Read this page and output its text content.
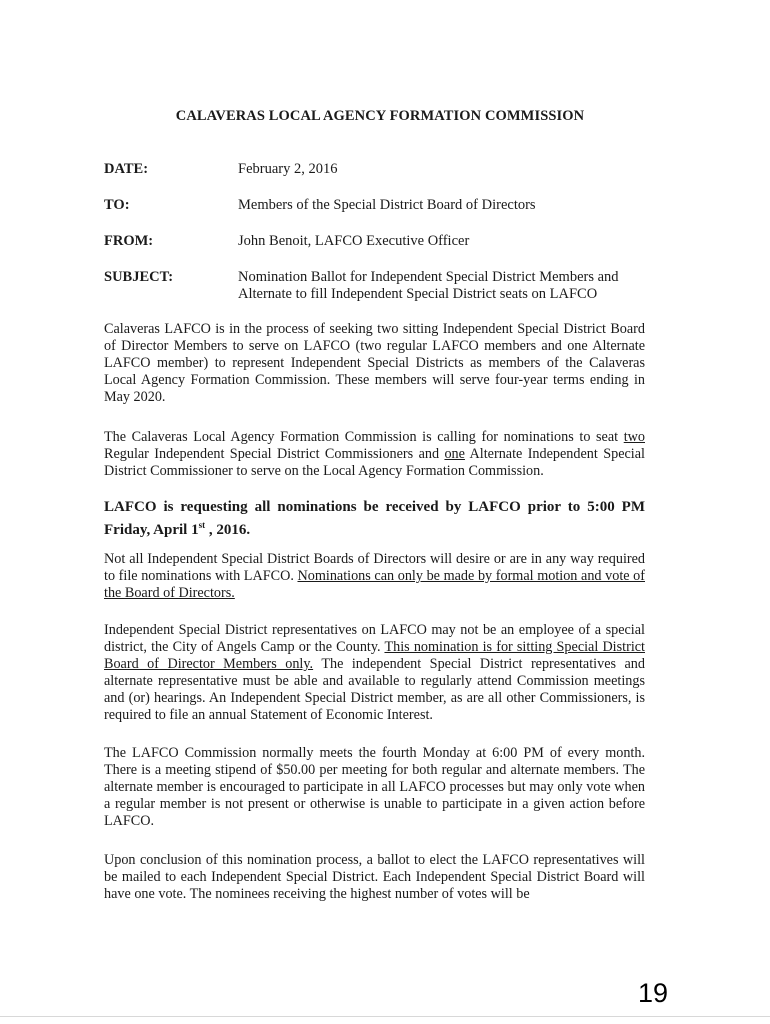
CALAVERAS LOCAL AGENCY FORMATION COMMISSION
DATE:	February 2, 2016
TO:	Members of the Special District Board of Directors
FROM:	John Benoit, LAFCO Executive Officer
SUBJECT:	Nomination Ballot for Independent Special District Members and Alternate to fill Independent Special District seats on LAFCO

Calaveras LAFCO is in the process of seeking two sitting Independent Special District Board of Director Members to serve on LAFCO (two regular LAFCO members and one Alternate LAFCO member) to represent Independent Special Districts as members of the Calaveras Local Agency Formation Commission. These members will serve four-year terms ending in May 2020.

The Calaveras Local Agency Formation Commission is calling for nominations to seat two Regular Independent Special District Commissioners and one Alternate Independent Special District Commissioner to serve on the Local Agency Formation Commission.

LAFCO is requesting all nominations be received by LAFCO prior to 5:00 PM Friday, April 1st , 2016.

Not all Independent Special District Boards of Directors will desire or are in any way required to file nominations with LAFCO. Nominations can only be made by formal motion and vote of the Board of Directors.

Independent Special District representatives on LAFCO may not be an employee of a special district, the City of Angels Camp or the County. This nomination is for sitting Special District Board of Director Members only. The independent Special District representatives and alternate representative must be able and available to regularly attend Commission meetings and (or) hearings. An Independent Special District member, as are all other Commissioners, is required to file an annual Statement of Economic Interest.

The LAFCO Commission normally meets the fourth Monday at 6:00 PM of every month. There is a meeting stipend of $50.00 per meeting for both regular and alternate members. The alternate member is encouraged to participate in all LAFCO processes but may only vote when a regular member is not present or otherwise is unable to participate in a given action before LAFCO.

Upon conclusion of this nomination process, a ballot to elect the LAFCO representatives will be mailed to each Independent Special District. Each Independent Special District Board will have one vote. The nominees receiving the highest number of votes will be

19
